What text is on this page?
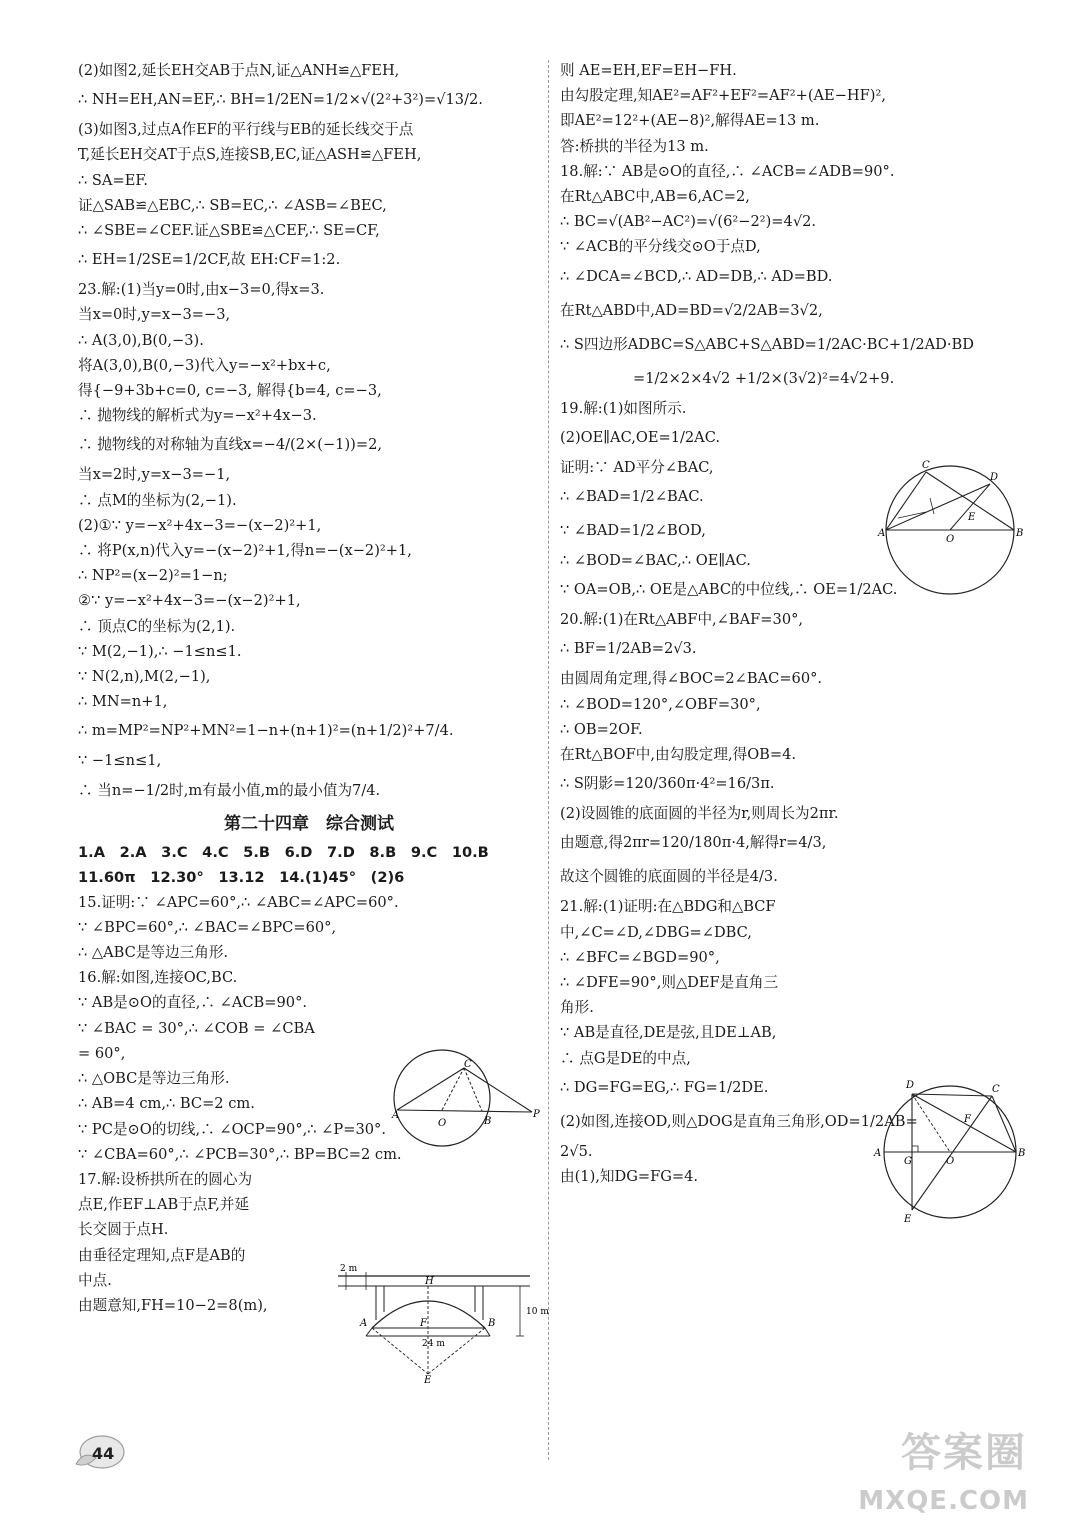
(2)如图2,延长EH交AB于点N,证△ANH≌△FEH,
∴ NH=EH,AN=EF,∴ BH=1/2EN=1/2×√(2²+3²)=√13/2.
(3)如图3,过点A作EF的平行线与EB的延长线交于点
T,延长EH交AT于点S,连接SB,EC,证△ASH≌△FEH,
∴ SA=EF.
证△SAB≌△EBC,∴ SB=EC,∴ ∠ASB=∠BEC,
∴ ∠SBE=∠CEF.证△SBE≌△CEF,∴ SE=CF,
∴ EH=1/2SE=1/2CF,故 EH:CF=1:2.
23.解:(1)当y=0时,由x−3=0,得x=3.
当x=0时,y=x−3=−3,
∴ A(3,0),B(0,−3).
将A(3,0),B(0,−3)代入y=−x²+bx+c,
得{−9+3b+c=0, c=−3, 解得{b=4, c=−3,
∴ 抛物线的解析式为y=−x²+4x−3.
∴ 抛物线的对称轴为直线x=−4/(2×(−1))=2,
当x=2时,y=x−3=−1,
∴ 点M的坐标为(2,−1).
(2)①∵ y=−x²+4x−3=−(x−2)²+1,
∴ 将P(x,n)代入y=−(x−2)²+1,得n=−(x−2)²+1,
∴ NP²=(x−2)²=1−n;
②∵ y=−x²+4x−3=−(x−2)²+1,
∴ 顶点C的坐标为(2,1).
∵ M(2,−1),∴ −1≤n≤1.
∵ N(2,n),M(2,−1),
∴ MN=n+1,
∴ m=MP²=NP²+MN²=1−n+(n+1)²=(n+1/2)²+7/4.
∵ −1≤n≤1,
∴ 当n=−1/2时,m有最小值,m的最小值为7/4.
第二十四章　综合测试
1.A　2.A　3.C　4.C　5.B　6.D　7.D　8.B　9.C　10.B
11.60π　12.30°　13.12　14.(1)45°　(2)6
15.证明:∵ ∠APC=60°,∴ ∠ABC=∠APC=60°.
∵ ∠BPC=60°,∴ ∠BAC=∠BPC=60°,
∴ △ABC是等边三角形.
16.解:如图,连接OC,BC.
∵ AB是⊙O的直径,∴ ∠ACB=90°.
∵ ∠BAC = 30°,∴ ∠COB = ∠CBA
= 60°,
∴ △OBC是等边三角形.
∴ AB=4 cm,∴ BC=2 cm.
∵ PC是⊙O的切线,∴ ∠OCP=90°,∴ ∠P=30°.
∵ ∠CBA=60°,∴ ∠PCB=30°,∴ BP=BC=2 cm.
17.解:设桥拱所在的圆心为
点E,作EF⊥AB于点F,并延
长交圆于点H.
由垂径定理知,点F是AB的
中点.
由题意知,FH=10−2=8(m),
则 AE=EH,EF=EH−FH.
由勾股定理,知AE²=AF²+EF²=AF²+(AE−HF)²,
即AE²=12²+(AE−8)²,解得AE=13 m.
答:桥拱的半径为13 m.
18.解:∵ AB是⊙O的直径,∴ ∠ACB=∠ADB=90°.
在Rt△ABC中,AB=6,AC=2,
∴ BC=√(AB²−AC²)=√(6²−2²)=4√2.
∵ ∠ACB的平分线交⊙O于点D,
∴ ∠DCA=∠BCD,∴ AD=DB,∴ AD=BD.
在Rt△ABD中,AD=BD=√2/2AB=3√2,
∴ S四边形ADBC=S△ABC+S△ABD=1/2AC·BC+1/2AD·BD
　　　　　=1/2×2×4√2 +1/2×(3√2)²=4√2+9.
19.解:(1)如图所示.
(2)OE∥AC,OE=1/2AC.
证明:∵ AD平分∠BAC,
∴ ∠BAD=1/2∠BAC.
∵ ∠BAD=1/2∠BOD,
∴ ∠BOD=∠BAC,∴ OE∥AC.
∵ OA=OB,∴ OE是△ABC的中位线,∴ OE=1/2AC.
20.解:(1)在Rt△ABF中,∠BAF=30°,
∴ BF=1/2AB=2√3.
由圆周角定理,得∠BOC=2∠BAC=60°.
∴ ∠BOD=120°,∠OBF=30°,
∴ OB=2OF.
在Rt△BOF中,由勾股定理,得OB=4.
∴ S阴影=120/360π·4²=16/3π.
(2)设圆锥的底面圆的半径为r,则周长为2πr.
由题意,得2πr=120/180π·4,解得r=4/3,
故这个圆锥的底面圆的半径是4/3.
21.解:(1)证明:在△BDG和△BCF
中,∠C=∠D,∠DBG=∠DBC,
∴ ∠BFC=∠BGD=90°,
∴ ∠DFE=90°,则△DEF是直角三
角形.
∵ AB是直径,DE是弦,且DE⊥AB,
∴ 点G是DE的中点,
∴ DG=FG=EG,∴ FG=1/2DE.
(2)如图,连接OD,则△DOG是直角三角形,OD=1/2AB=
2√5.
由(1),知DG=FG=4.
A
O	B
C
P
2 m
10 m
H
A	F	B
24 m
E
C
D
A
O
E
B
D	C
F
A
G	O
B
E
44	答案圈
MXQE.COM
